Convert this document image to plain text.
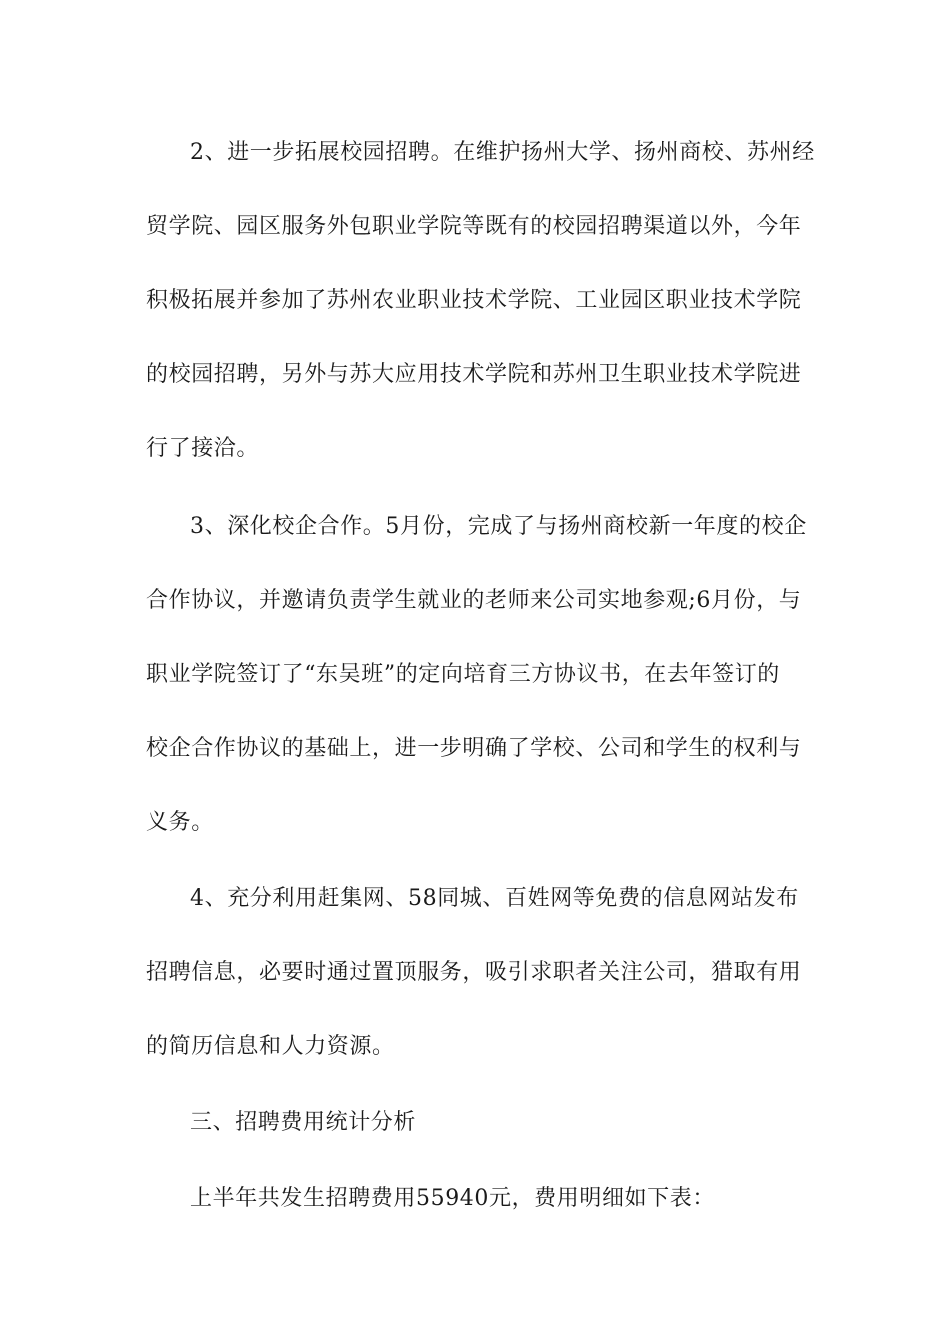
2、进一步拓展校园招聘。在维护扬州大学、扬州商校、苏州经
贸学院、园区服务外包职业学院等既有的校园招聘渠道以外，今年
积极拓展并参加了苏州农业职业技术学院、工业园区职业技术学院
的校园招聘，另外与苏大应用技术学院和苏州卫生职业技术学院进
行了接洽。
3、深化校企合作。5月份，完成了与扬州商校新一年度的校企
合作协议，并邀请负责学生就业的老师来公司实地参观;6月份，与
职业学院签订了“东吴班”的定向培育三方协议书，在去年签订的
校企合作协议的基础上，进一步明确了学校、公司和学生的权利与
义务。
4、充分利用赶集网、58同城、百姓网等免费的信息网站发布
招聘信息，必要时通过置顶服务，吸引求职者关注公司，猎取有用
的简历信息和人力资源。
三、招聘费用统计分析
上半年共发生招聘费用55940元，费用明细如下表：
